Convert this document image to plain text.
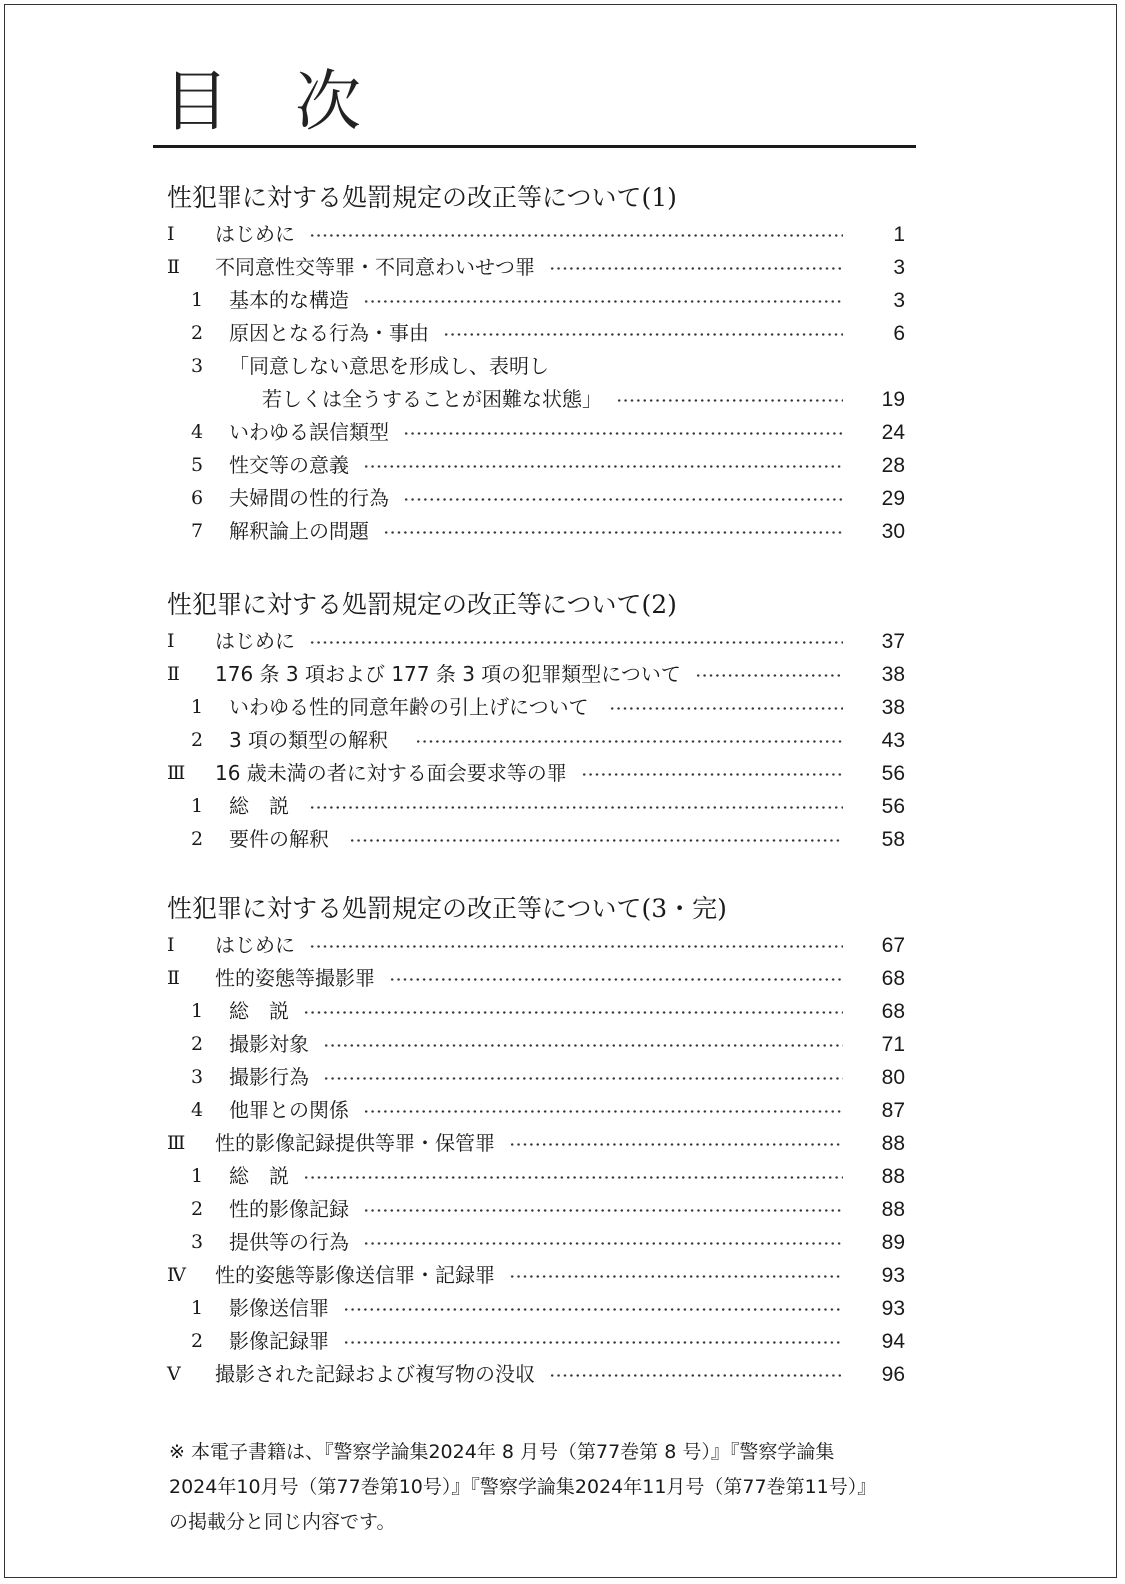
目　次
性犯罪に対する処罰規定の改正等について(1)
Ⅰ はじめに	1
Ⅱ 不同意性交等罪・不同意わいせつ罪	3
1 基本的な構造	3
2 原因となる行為・事由	6
3 「同意しない意思を形成し、表明し
若しくは全うすることが困難な状態」	19
4 いわゆる誤信類型	24
5 性交等の意義	28
6 夫婦間の性的行為	29
7 解釈論上の問題	30
性犯罪に対する処罰規定の改正等について(2)
Ⅰ はじめに	37
Ⅱ 176 条 3 項および 177 条 3 項の犯罪類型について	38
1 いわゆる性的同意年齢の引上げについて	38
2 3 項の類型の解釈	43
Ⅲ 16 歳未満の者に対する面会要求等の罪	56
1 総　説	56
2 要件の解釈	58
性犯罪に対する処罰規定の改正等について(3・完)
Ⅰ はじめに	67
Ⅱ 性的姿態等撮影罪	68
1 総　説	68
2 撮影対象	71
3 撮影行為	80
4 他罪との関係	87
Ⅲ 性的影像記録提供等罪・保管罪	88
1 総　説	88
2 性的影像記録	88
3 提供等の行為	89
Ⅳ 性的姿態等影像送信罪・記録罪	93
1 影像送信罪	93
2 影像記録罪	94
Ⅴ 撮影された記録および複写物の没収	96
※ 本電子書籍は、『警察学論集2024年 8 月号（第77巻第 8 号）』『警察学論集
2024年10月号（第77巻第10号）』『警察学論集2024年11月号（第77巻第11号）』
の掲載分と同じ内容です。
